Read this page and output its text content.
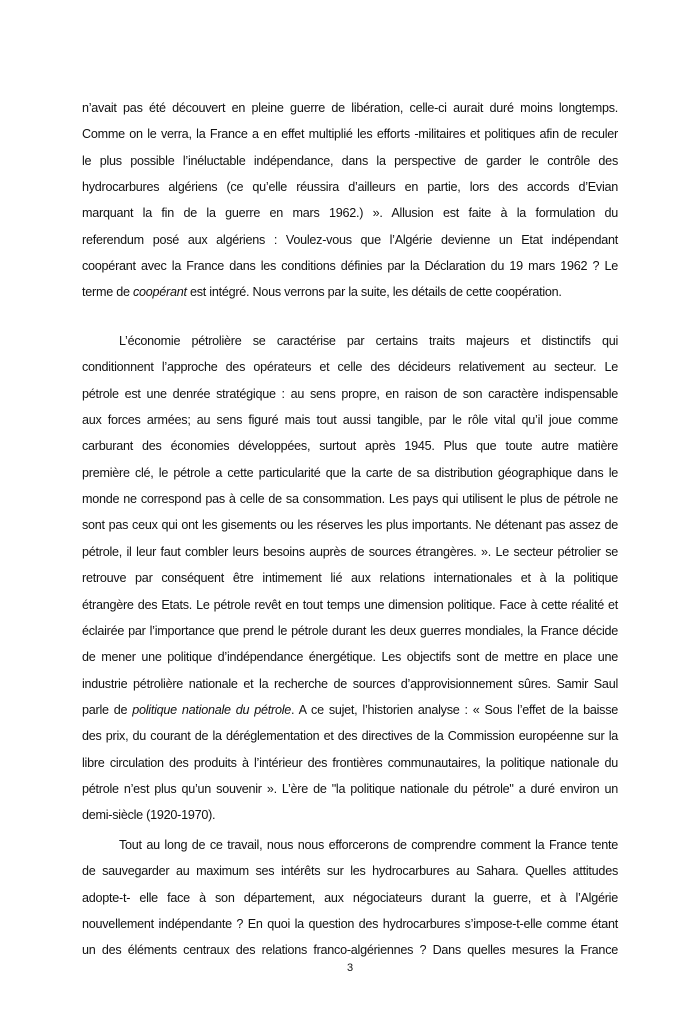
n’avait pas été découvert en pleine guerre de libération, celle-ci aurait duré moins longtemps.
Comme on le verra, la France a en effet multiplié les efforts -militaires et politiques afin de reculer
le plus possible l’inéluctable indépendance, dans la perspective de garder le contrôle des
hydrocarbures algériens (ce qu’elle réussira d’ailleurs en partie, lors des accords d’Evian
marquant la fin de la guerre en mars 1962.) ». Allusion est faite à la formulation du
referendum posé aux algériens : Voulez-vous que l’Algérie devienne un Etat indépendant
coopérant avec la France dans les conditions définies par la Déclaration du 19 mars 1962 ? Le
terme de coopérant est intégré. Nous verrons par la suite, les détails de cette coopération.
L’économie pétrolière se caractérise par certains traits majeurs et distinctifs qui
conditionnent l’approche des opérateurs et celle des décideurs relativement au secteur. Le
pétrole est une denrée stratégique : au sens propre, en raison de son caractère indispensable
aux forces armées; au sens figuré mais tout aussi tangible, par le rôle vital qu’il joue comme
carburant des économies développées, surtout après 1945. Plus que toute autre matière
première clé, le pétrole a cette particularité que la carte de sa distribution géographique dans le
monde ne correspond pas à celle de sa consommation. Les pays qui utilisent le plus de pétrole ne
sont pas ceux qui ont les gisements ou les réserves les plus importants. Ne détenant pas assez de
pétrole, il leur faut combler leurs besoins auprès de sources étrangères. ». Le secteur pétrolier se
retrouve par conséquent être intimement lié aux relations internationales et à la politique
étrangère des Etats. Le pétrole revêt en tout temps une dimension politique. Face à cette réalité et
éclairée par l’importance que prend le pétrole durant les deux guerres mondiales, la France décide
de mener une politique d’indépendance énergétique. Les objectifs sont de mettre en place une
industrie pétrolière nationale et la recherche de sources d’approvisionnement sûres. Samir Saul
parle de politique nationale du pétrole. A ce sujet, l’historien analyse : « Sous l’effet de la baisse
des prix, du courant de la déréglementation et des directives de la Commission européenne sur la
libre circulation des produits à l’intérieur des frontières communautaires, la politique nationale du
pétrole n’est plus qu’un souvenir ». L’ère de "la politique nationale du pétrole" a duré environ un
demi-siècle (1920-1970).
Tout au long de ce travail, nous nous efforcerons de comprendre comment la France tente
de sauvegarder au maximum ses intérêts sur les hydrocarbures au Sahara. Quelles attitudes
adopte-t- elle face à son département, aux négociateurs durant la guerre, et à l’Algérie
nouvellement indépendante ? En quoi la question des hydrocarbures s’impose-t-elle comme étant
un des éléments centraux des relations franco-algériennes ? Dans quelles mesures la France
3
